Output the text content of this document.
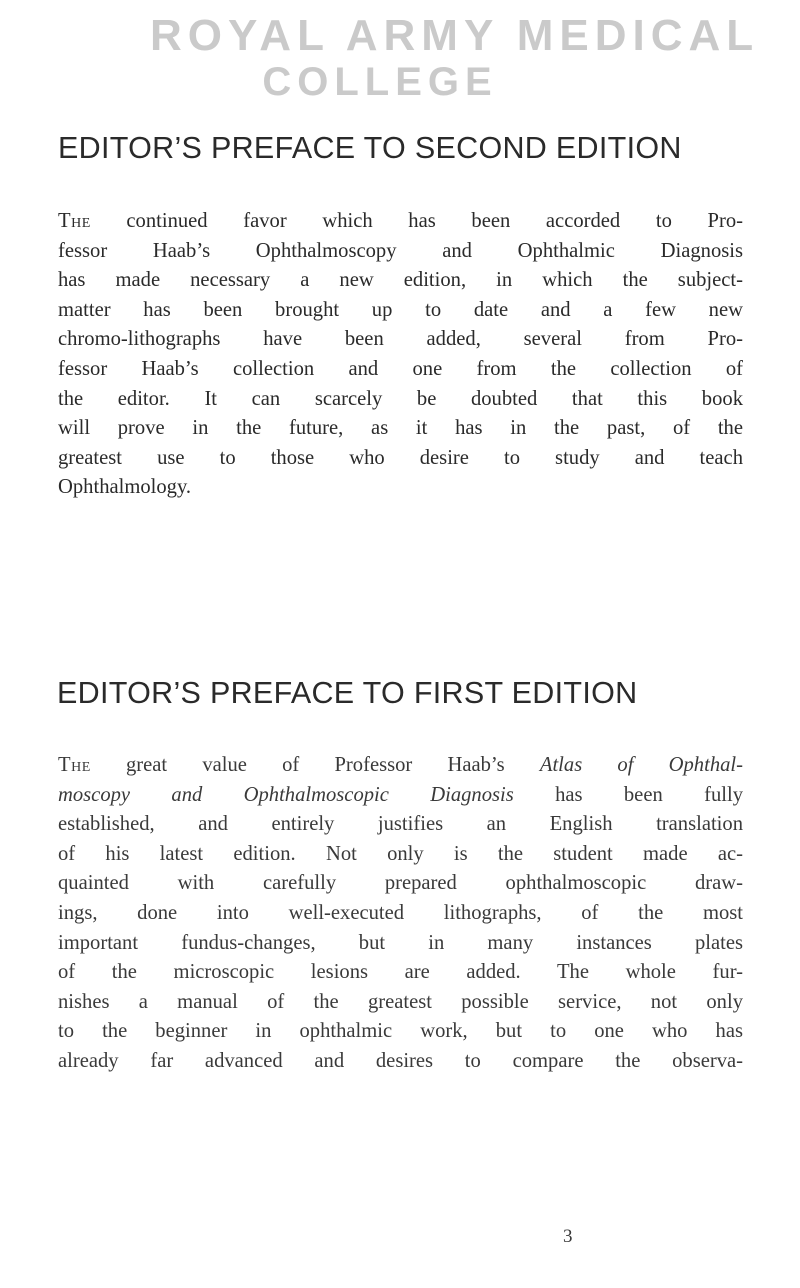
ROYAL ARMY MEDICAL
COLLEGE
EDITOR’S PREFACE TO SECOND EDITION
The continued favor which has been accorded to Pro-
fessor Haab’s Ophthalmoscopy and Ophthalmic Diagnosis
has made necessary a new edition, in which the subject-
matter has been brought up to date and a few new
chromo-lithographs have been added, several from Pro-
fessor Haab’s collection and one from the collection of
the editor. It can scarcely be doubted that this book
will prove in the future, as it has in the past, of the
greatest use to those who desire to study and teach
Ophthalmology.
EDITOR’S PREFACE TO FIRST EDITION
The great value of Professor Haab’s Atlas of Ophthal-
moscopy and Ophthalmoscopic Diagnosis has been fully
established, and entirely justifies an English translation
of his latest edition. Not only is the student made ac-
quainted with carefully prepared ophthalmoscopic draw-
ings, done into well-executed lithographs, of the most
important fundus-changes, but in many instances plates
of the microscopic lesions are added. The whole fur-
nishes a manual of the greatest possible service, not only
to the beginner in ophthalmic work, but to one who has
already far advanced and desires to compare the observa-
3
